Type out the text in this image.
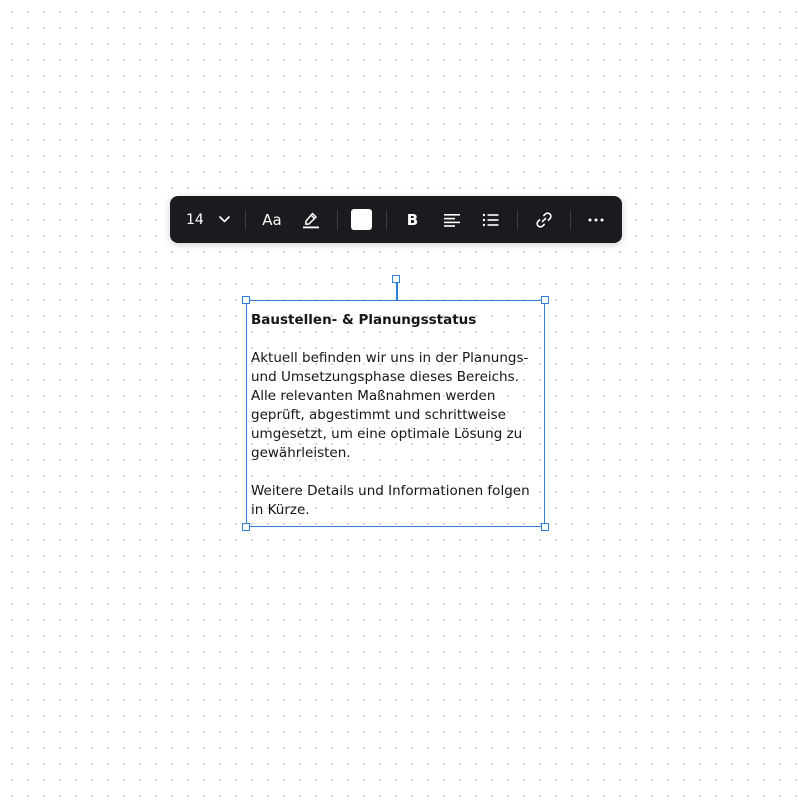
14	Aa	B
Baustellen- & Planungsstatus
Aktuell befinden wir uns in der Planungs-
und Umsetzungsphase dieses Bereichs.
Alle relevanten Maßnahmen werden
geprüft, abgestimmt und schrittweise
umgesetzt, um eine optimale Lösung zu
gewährleisten.
Weitere Details und Informationen folgen
in Kürze.
